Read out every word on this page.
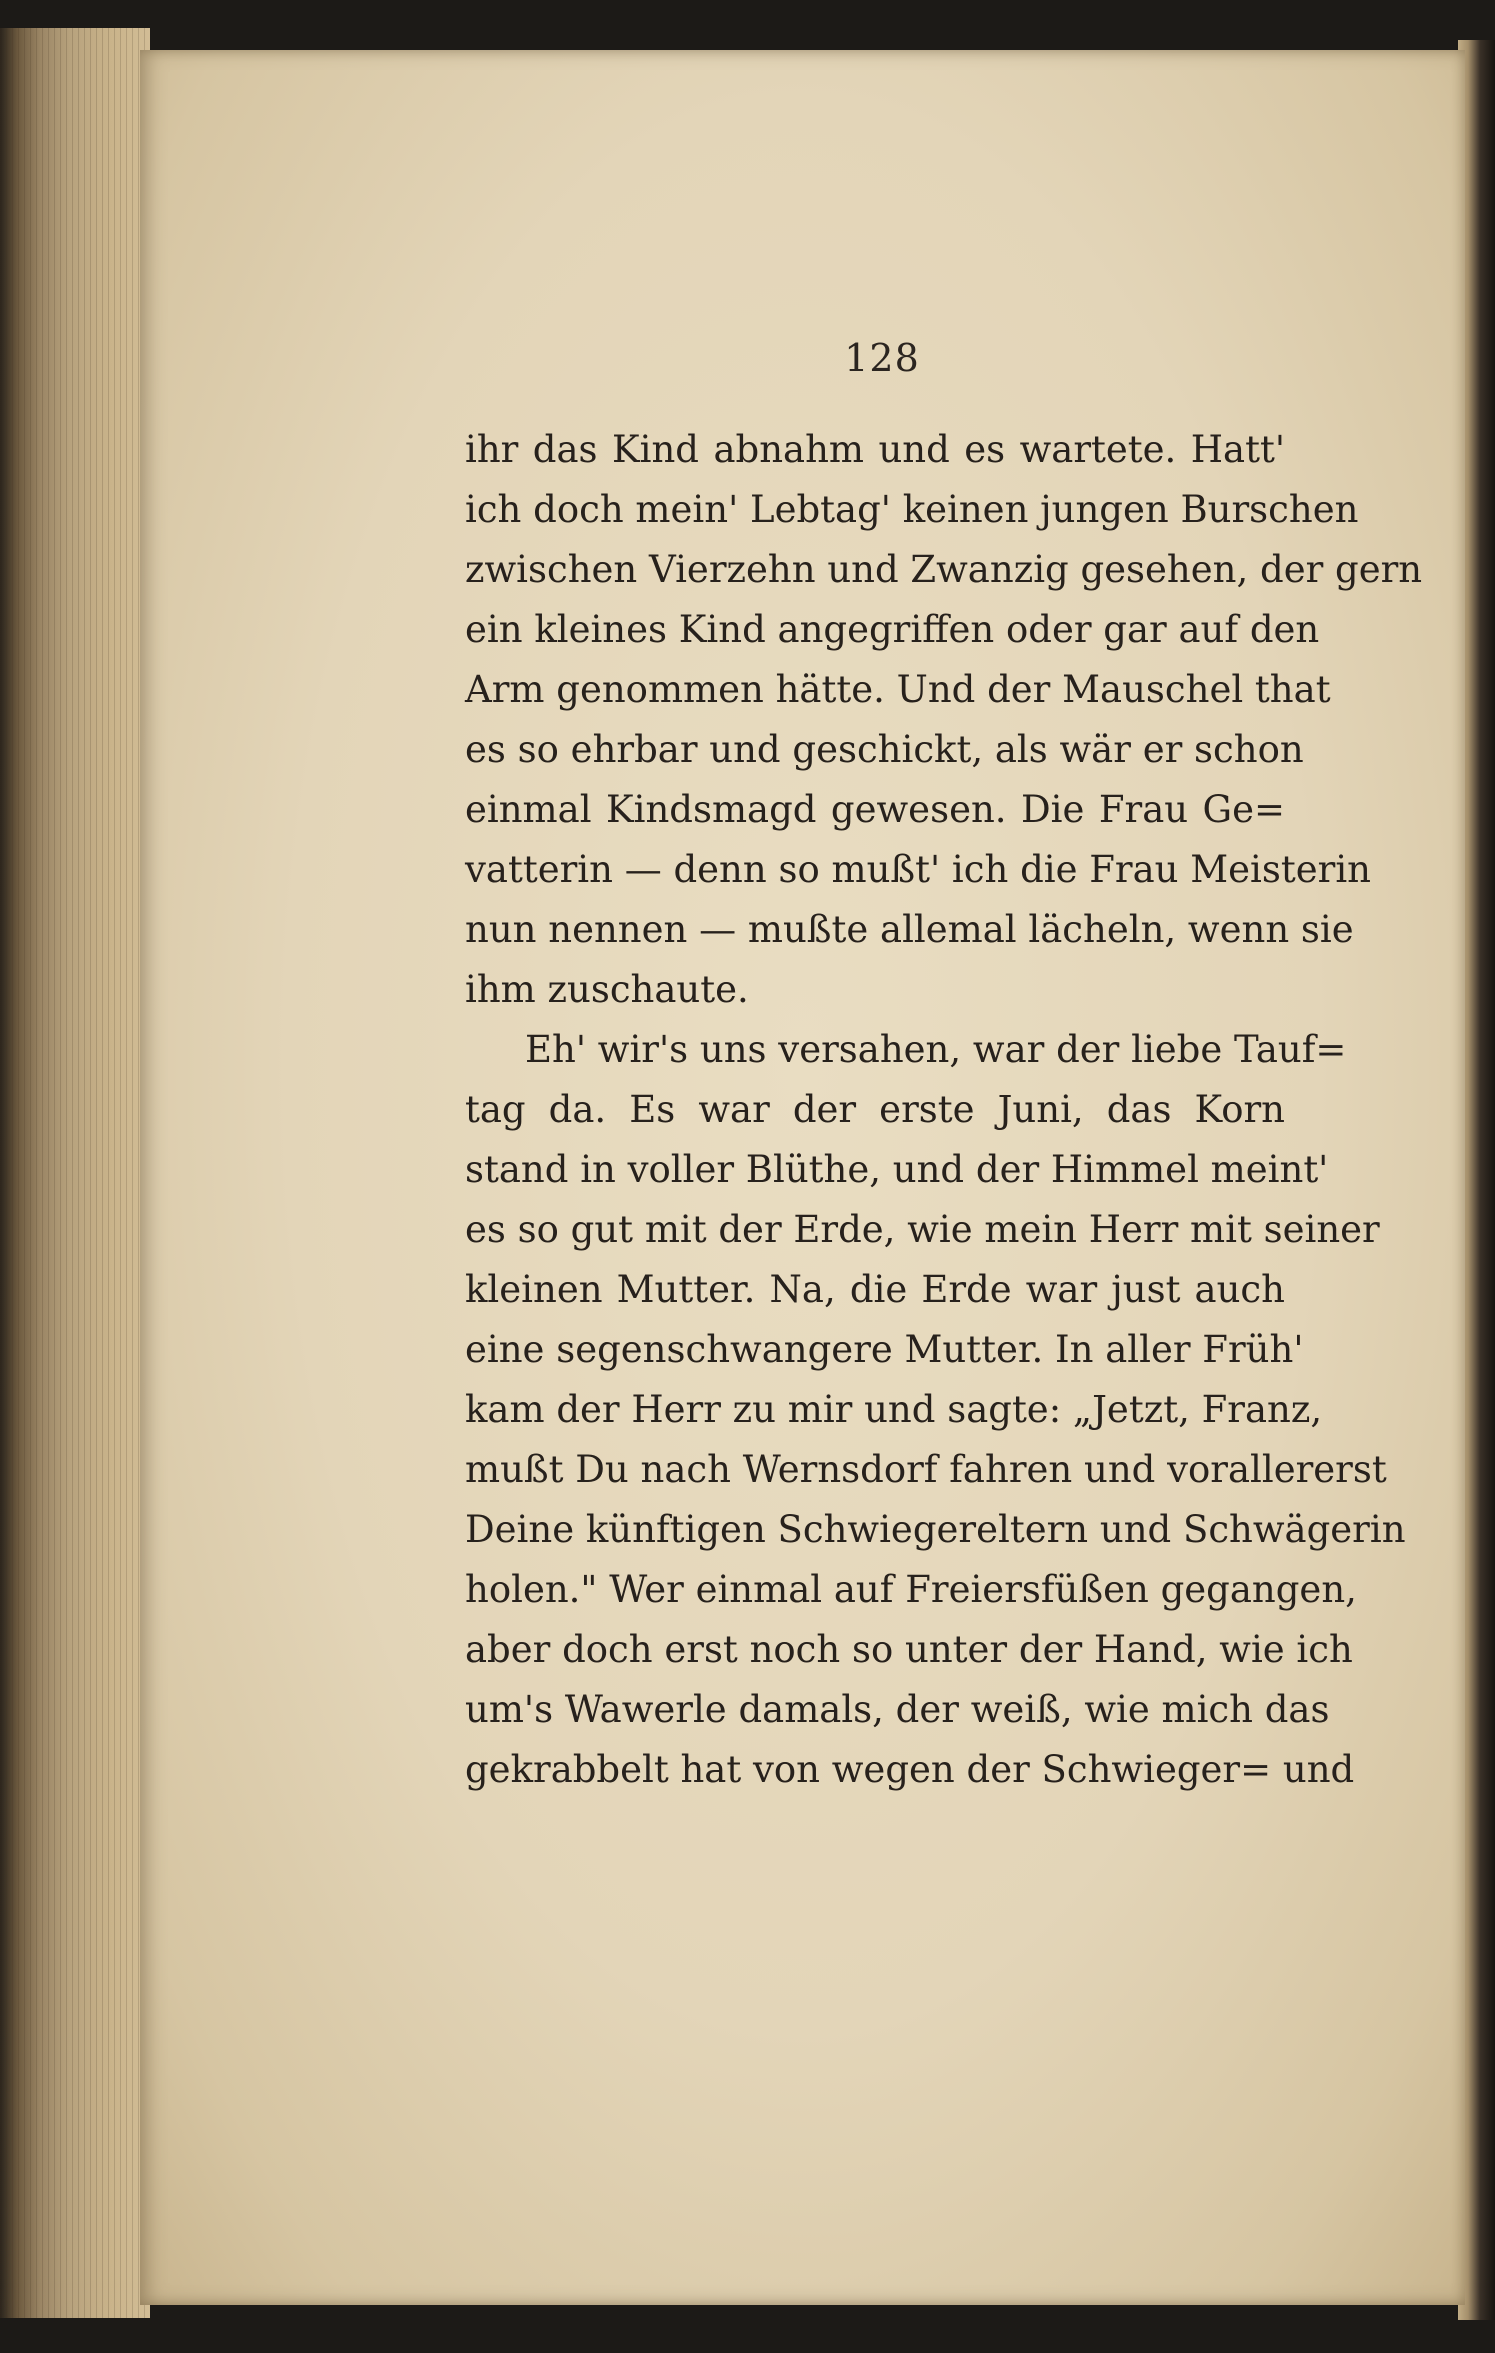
128
ihr das Kind abnahm und es wartete. Hatt'
ich doch mein' Lebtag' keinen jungen Burschen
zwischen Vierzehn und Zwanzig gesehen, der gern
ein kleines Kind angegriffen oder gar auf den
Arm genommen hätte. Und der Mauschel that
es so ehrbar und geschickt, als wär er schon
einmal Kindsmagd gewesen. Die Frau Ge=
vatterin — denn so mußt' ich die Frau Meisterin
nun nennen — mußte allemal lächeln, wenn sie
ihm zuschaute.
Eh' wir's uns versahen, war der liebe Tauf=
tag da. Es war der erste Juni, das Korn
stand in voller Blüthe, und der Himmel meint'
es so gut mit der Erde, wie mein Herr mit seiner
kleinen Mutter. Na, die Erde war just auch
eine segenschwangere Mutter. In aller Früh'
kam der Herr zu mir und sagte: „Jetzt, Franz,
mußt Du nach Wernsdorf fahren und vorallererst
Deine künftigen Schwiegereltern und Schwägerin
holen." Wer einmal auf Freiersfüßen gegangen,
aber doch erst noch so unter der Hand, wie ich
um's Wawerle damals, der weiß, wie mich das
gekrabbelt hat von wegen der Schwieger= und
